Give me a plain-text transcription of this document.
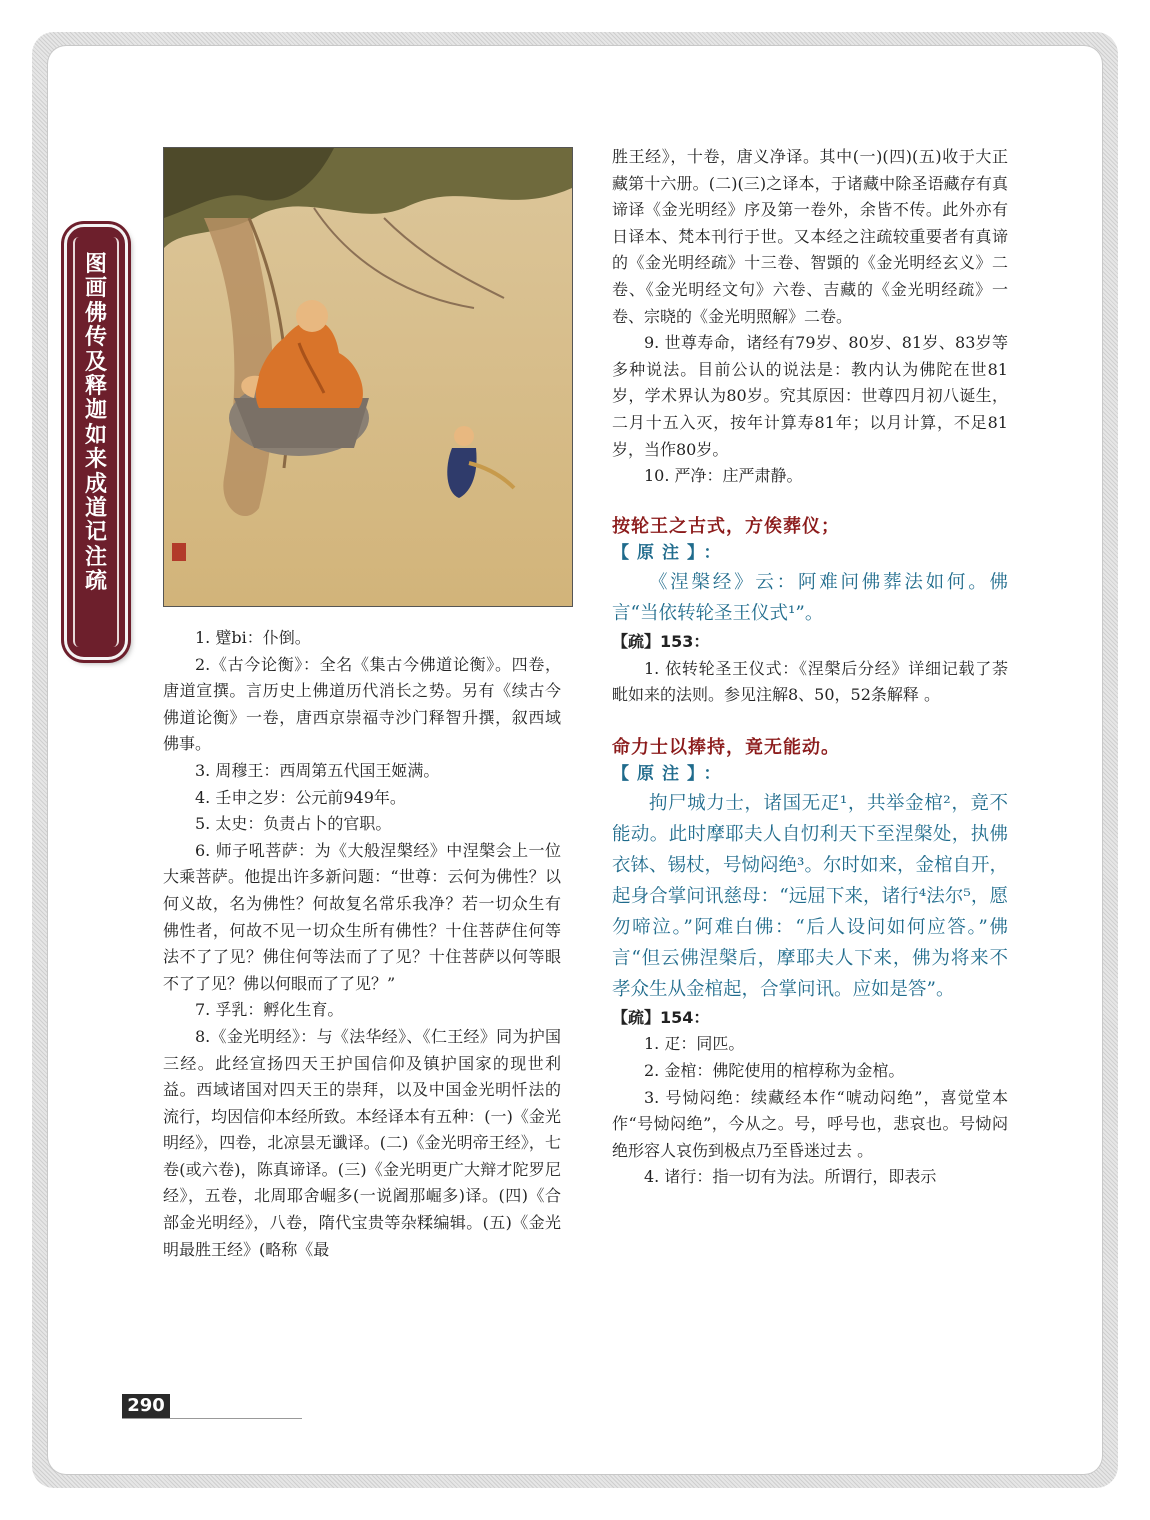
图画佛传及释迦如来成道记注疏

1. 躄bi：仆倒。

2.《古今论衡》：全名《集古今佛道论衡》。四卷，唐道宣撰。言历史上佛道历代消长之势。另有《续古今佛道论衡》一卷，唐西京崇福寺沙门释智升撰，叙西域佛事。

3. 周穆王：西周第五代国王姬满。

4. 壬申之岁：公元前949年。

5. 太史：负责占卜的官职。

6. 师子吼菩萨：为《大般涅槃经》中涅槃会上一位大乘菩萨。他提出许多新问题：“世尊：云何为佛性？以何义故，名为佛性？何故复名常乐我净？若一切众生有佛性者，何故不见一切众生所有佛性？十住菩萨住何等法不了了见？佛住何等法而了了见？十住菩萨以何等眼不了了见？佛以何眼而了了见？”

7. 孚乳：孵化生育。

8.《金光明经》：与《法华经》、《仁王经》同为护国三经。此经宣扬四天王护国信仰及镇护国家的现世利益。西域诸国对四天王的崇拜，以及中国金光明忏法的流行，均因信仰本经所致。本经译本有五种：(一)《金光明经》，四卷，北凉昙无谶译。(二)《金光明帝王经》，七卷(或六卷)，陈真谛译。(三)《金光明更广大辩才陀罗尼经》，五卷，北周耶舍崛多(一说阇那崛多)译。(四)《合部金光明经》，八卷，隋代宝贵等杂糅编辑。(五)《金光明最胜王经》(略称《最

胜王经》，十卷，唐义净译。其中(一)(四)(五)收于大正藏第十六册。(二)(三)之译本，于诸藏中除圣语藏存有真谛译《金光明经》序及第一卷外，余皆不传。此外亦有日译本、梵本刊行于世。又本经之注疏较重要者有真谛的《金光明经疏》十三卷、智顗的《金光明经玄义》二卷、《金光明经文句》六卷、吉藏的《金光明经疏》一卷、宗晓的《金光明照解》二卷。

9. 世尊寿命，诸经有79岁、80岁、81岁、83岁等多种说法。目前公认的说法是：教内认为佛陀在世81岁，学术界认为80岁。究其原因：世尊四月初八诞生，二月十五入灭，按年计算寿81年；以月计算，不足81岁，当作80岁。

10. 严净：庄严肃静。

按轮王之古式，方俟葬仪；

【原注】：

《涅槃经》云：阿难问佛葬法如何。佛言“当依转轮圣王仪式¹”。

【疏】153：

1. 依转轮圣王仪式：《涅槃后分经》详细记载了荼毗如来的法则。参见注解8、50，52条解释 。

命力士以捧持，竟无能动。

【原注】：

拘尸城力士，诸国无疋¹，共举金棺²，竟不能动。此时摩耶夫人自忉利天下至涅槃处，执佛衣钵、锡杖，号恸闷绝³。尔时如来，金棺自开，起身合掌问讯慈母：“远屈下来，诸行⁴法尔⁵，愿勿啼泣。”阿难白佛：“后人设问如何应答。”佛言“但云佛涅槃后，摩耶夫人下来，佛为将来不孝众生从金棺起，合掌问讯。应如是答”。

【疏】154：

1. 疋：同匹。

2. 金棺：佛陀使用的棺椁称为金棺。

3. 号恸闷绝：续藏经本作“唬动闷绝”，喜觉堂本作“号恸闷绝”，今从之。号，呼号也，悲哀也。号恸闷绝形容人哀伤到极点乃至昏迷过去 。

4. 诸行：指一切有为法。所谓行，即表示

290
